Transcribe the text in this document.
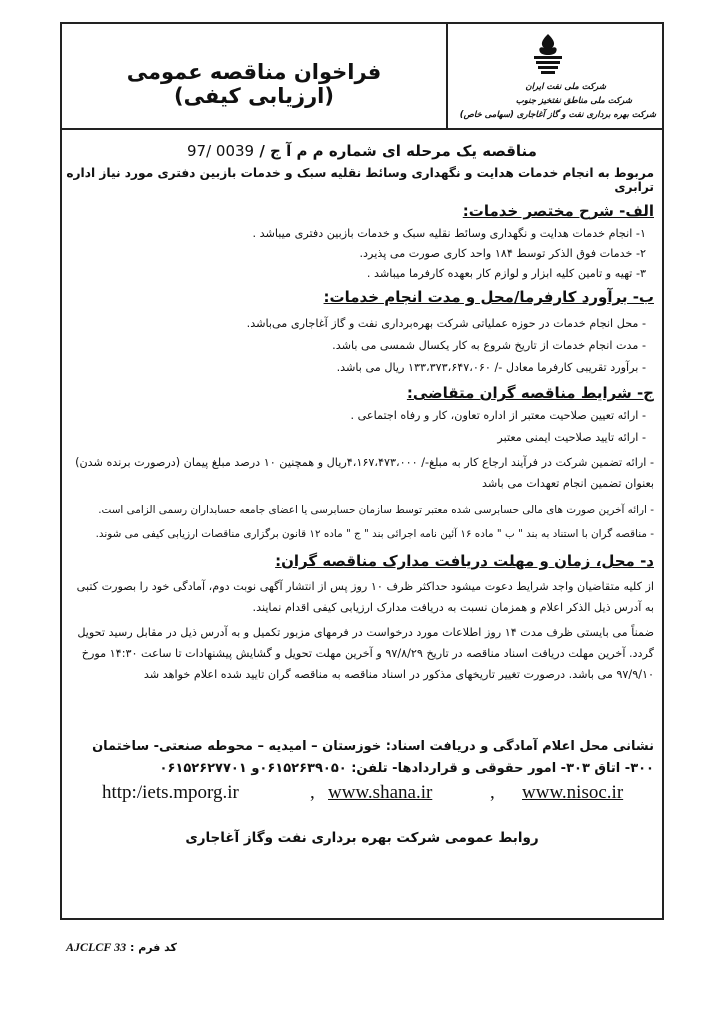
شرکت ملی نفت ایران
شرکت ملی مناطق نفتخیز جنوب
شرکت بهره برداری نفت و گاز آغاجاری (سهامی خاص)
فراخوان مناقصه عمومی (ارزیابی کیفی)
مناقصه یک مرحله ای شماره م م آ ج / 97/ 0039
مربوط به انجام خدمات هدایت و نگهداری وسائط نقلیه سبک و خدمات بازبین دفتری مورد نیاز اداره ترابری
الف- شرح مختصر خدمات:
۱- انجام خدمات هدایت و نگهداری وسائط نقلیه سبک و خدمات بازبین دفتری میباشد .
۲- خدمات فوق الذکر توسط ۱۸۴ واحد کاری صورت می پذیرد.
۳- تهیه و تامین کلیه ابزار و لوازم کار بعهده کارفرما میباشد .
ب- برآورد کارفرما/محل و مدت انجام خدمات:
- محل انجام خدمات در حوزه عملیاتی شرکت بهره‌برداری نفت و گاز آغاجاری می‌باشد.
- مدت انجام خدمات از تاریخ شروع به کار یکسال شمسی می باشد.
- برآورد تقریبی کارفرما معادل -/ ۱۳۳،۳۷۳،۶۴۷،۰۶۰ ریال می باشد.
ج- شرایط مناقصه گران متقاضی:
- ارائه تعیین صلاحیت معتبر از اداره تعاون، کار و رفاه اجتماعی .
- ارائه تایید صلاحیت ایمنی معتبر
- ارائه تضمین شرکت در فرآیند ارجاع کار به مبلغ-/ ۴،۱۶۷،۴۷۳،۰۰۰ریال و همچنین ۱۰ درصد مبلغ پیمان (درصورت برنده شدن) بعنوان تضمین انجام تعهدات می باشد
- ارائه آخرین صورت های مالی حسابرسی شده معتبر توسط سازمان حسابرسی یا اعضای جامعه حسابداران رسمی الزامی است.
- مناقصه گران با استناد به بند " ب " ماده ۱۶ آئین نامه اجرائی بند " ج " ماده ۱۲ قانون برگزاری مناقصات ارزیابی کیفی می شوند.
د- محل، زمان و مهلت دریافت مدارک مناقصه گران:
از کلیه متقاضیان واجد شرایط دعوت میشود حداکثر ظرف ۱۰ روز پس از انتشار آگهی نوبت دوم، آمادگی خود را بصورت کتبی به آدرس ذیل الذکر اعلام و همزمان نسبت به دریافت مدارک ارزیابی کیفی اقدام نمایند.
ضمناً می بایستی ظرف مدت ۱۴ روز اطلاعات مورد درخواست در فرمهای مزبور تکمیل و به آدرس ذیل در مقابل رسید تحویل گردد. آخرین مهلت دریافت اسناد مناقصه در تاریخ ۹۷/۸/۲۹ و آخرین مهلت تحویل و گشایش پیشنهادات تا ساعت ۱۴:۳۰ مورخ ۹۷/۹/۱۰ می باشد. درصورت تغییر تاریخهای مذکور در اسناد مناقصه به مناقصه گران تایید شده اعلام خواهد شد
نشانی محل اعلام آمادگی و دریافت اسناد: خوزستان – امیدیه – محوطه صنعتی- ساختمان ۳۰۰- اتاق ۳۰۳- امور حقوقی و قراردادها- تلفن: ۰۶۱۵۲۶۳۹۰۵۰و ۰۶۱۵۲۶۲۷۷۰۱
http:/iets.mporg.ir	, www.shana.ir	, www.nisoc.ir
روابط عمومی شرکت بهره برداری نفت وگاز آغاجاری
کد فرم : AJCLCF 33
